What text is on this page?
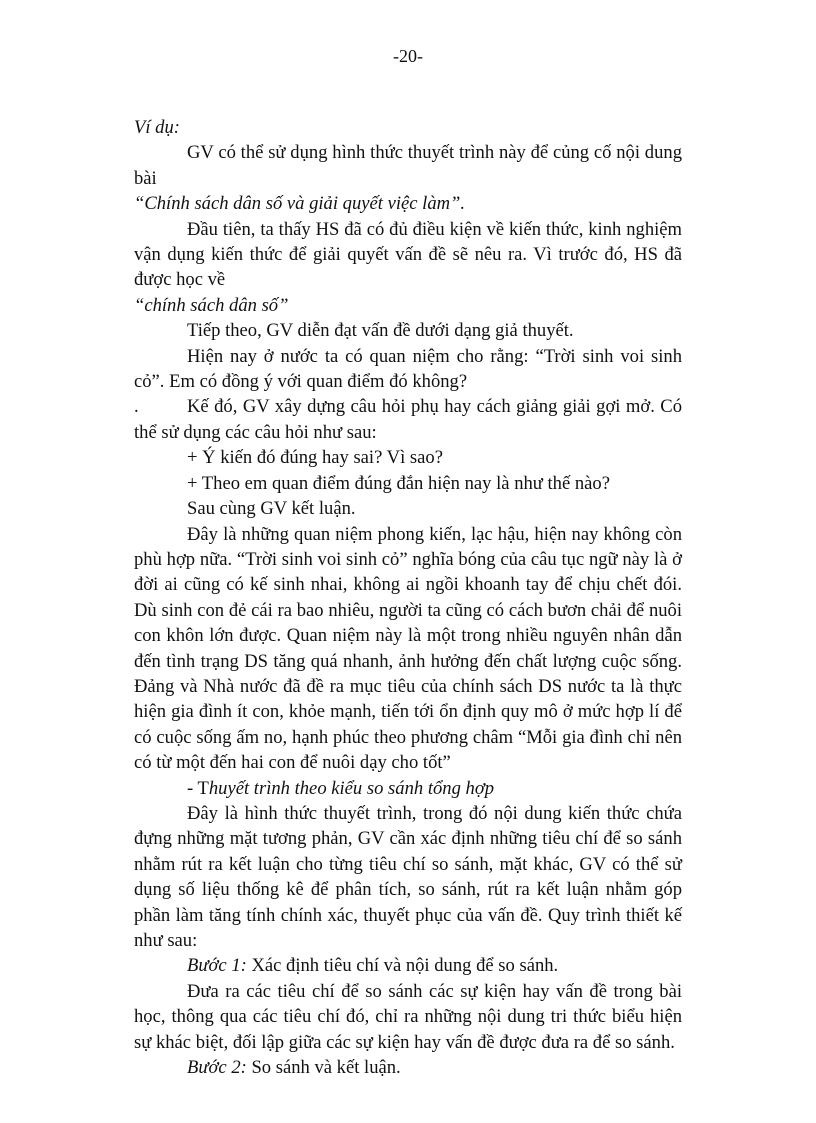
-20-

Ví dụ:

GV có thể sử dụng hình thức thuyết trình này để củng cố nội dung bài
“Chính sách dân số và giải quyết việc làm”.

Đầu tiên, ta thấy HS đã có đủ điều kiện về kiến thức, kinh nghiệm vận dụng kiến thức để giải quyết vấn đề sẽ nêu ra. Vì trước đó, HS đã được học về
“chính sách dân số”

Tiếp theo, GV diễn đạt vấn đề dưới dạng giả thuyết.

Hiện nay ở nước ta có quan niệm cho rằng: “Trời sinh voi sinh cỏ”. Em có đồng ý với quan điểm đó không?

.	Kế đó, GV xây dựng câu hỏi phụ hay cách giảng giải gợi mở. Có thể sử dụng các câu hỏi như sau:

+ Ý kiến đó đúng hay sai? Vì sao?

+ Theo em quan điểm đúng đắn hiện nay là như thế nào?

Sau cùng GV kết luận.

Đây là những quan niệm phong kiến, lạc hậu, hiện nay không còn phù hợp nữa. “Trời sinh voi sinh cỏ” nghĩa bóng của câu tục ngữ này là ở đời ai cũng có kế sinh nhai, không ai ngồi khoanh tay để chịu chết đói. Dù sinh con đẻ cái ra bao nhiêu, người ta cũng có cách bươn chải để nuôi con khôn lớn được. Quan niệm này là một trong nhiều nguyên nhân dẫn đến tình trạng DS tăng quá nhanh, ảnh hưởng đến chất lượng cuộc sống. Đảng và Nhà nước đã đề ra mục tiêu của chính sách DS nước ta là thực hiện gia đình ít con, khỏe mạnh, tiến tới ổn định quy mô ở mức hợp lí để có cuộc sống ấm no, hạnh phúc theo phương châm “Mỗi gia đình chỉ nên có từ một đến hai con để nuôi dạy cho tốt”

- Thuyết trình theo kiểu so sánh tổng hợp

Đây là hình thức thuyết trình, trong đó nội dung kiến thức chứa đựng những mặt tương phản, GV cần xác định những tiêu chí để so sánh nhằm rút ra kết luận cho từng tiêu chí so sánh, mặt khác, GV có thể sử dụng số liệu thống kê để phân tích, so sánh, rút ra kết luận nhằm góp phần làm tăng tính chính xác, thuyết phục của vấn đề. Quy trình thiết kế như sau:

Bước 1: Xác định tiêu chí và nội dung để so sánh.

Đưa ra các tiêu chí để so sánh các sự kiện hay vấn đề trong bài học, thông qua các tiêu chí đó, chỉ ra những nội dung tri thức biểu hiện sự khác biệt, đối lập giữa các sự kiện hay vấn đề được đưa ra để so sánh.

Bước 2: So sánh và kết luận.
